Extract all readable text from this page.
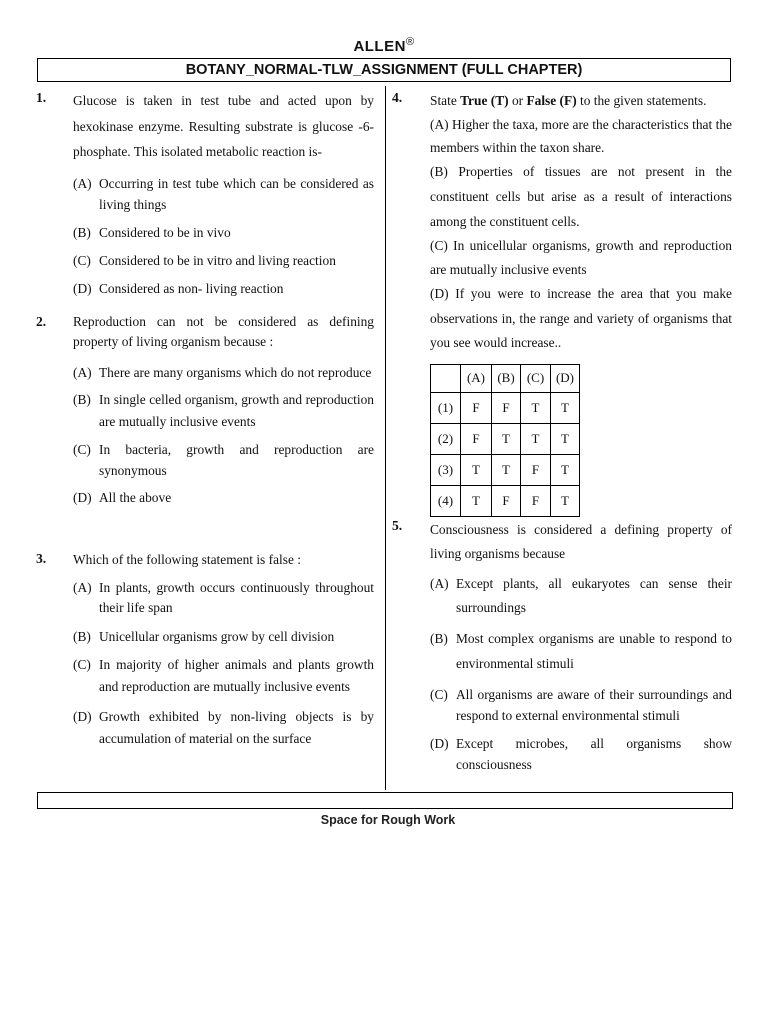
ALLEN®
BOTANY_NORMAL-TLW_ASSIGNMENT (FULL CHAPTER)
1. Glucose is taken in test tube and acted upon by hexokinase enzyme. Resulting substrate is glucose -6- phosphate. This isolated metabolic reaction is-
(A) Occurring in test tube which can be considered as living things
(B) Considered to be in vivo
(C) Considered to be in vitro and living reaction
(D) Considered as non- living reaction
2. Reproduction can not be considered as defining property of living organism because :
(A) There are many organisms which do not reproduce
(B) In single celled organism, growth and reproduction are mutually inclusive events
(C) In bacteria, growth and reproduction are synonymous
(D) All the above
3. Which of the following statement is false :
(A) In plants, growth occurs continuously throughout their life span
(B) Unicellular organisms grow by cell division
(C) In majority of higher animals and plants growth and reproduction are mutually inclusive events
(D) Growth exhibited by non-living objects is by accumulation of material on the surface
4. State True (T) or False (F) to the given statements.
(A) Higher the taxa, more are the characteristics that the members within the taxon share.
(B) Properties of tissues are not present in the constituent cells but arise as a result of interactions among the constituent cells.
(C) In unicellular organisms, growth and reproduction are mutually inclusive events
(D) If you were to increase the area that you make observations in, the range and variety of organisms that you see would increase..
	(A)	(B)	(C)	(D)
(1)	F	F	T	T
(2)	F	T	T	T
(3)	T	T	F	T
(4)	T	F	F	T
5. Consciousness is considered a defining property of living organisms because
(A) Except plants, all eukaryotes can sense their surroundings
(B) Most complex organisms are unable to respond to environmental stimuli
(C) All organisms are aware of their surroundings and respond to external environmental stimuli
(D) Except microbes, all organisms show consciousness
Space for Rough Work
